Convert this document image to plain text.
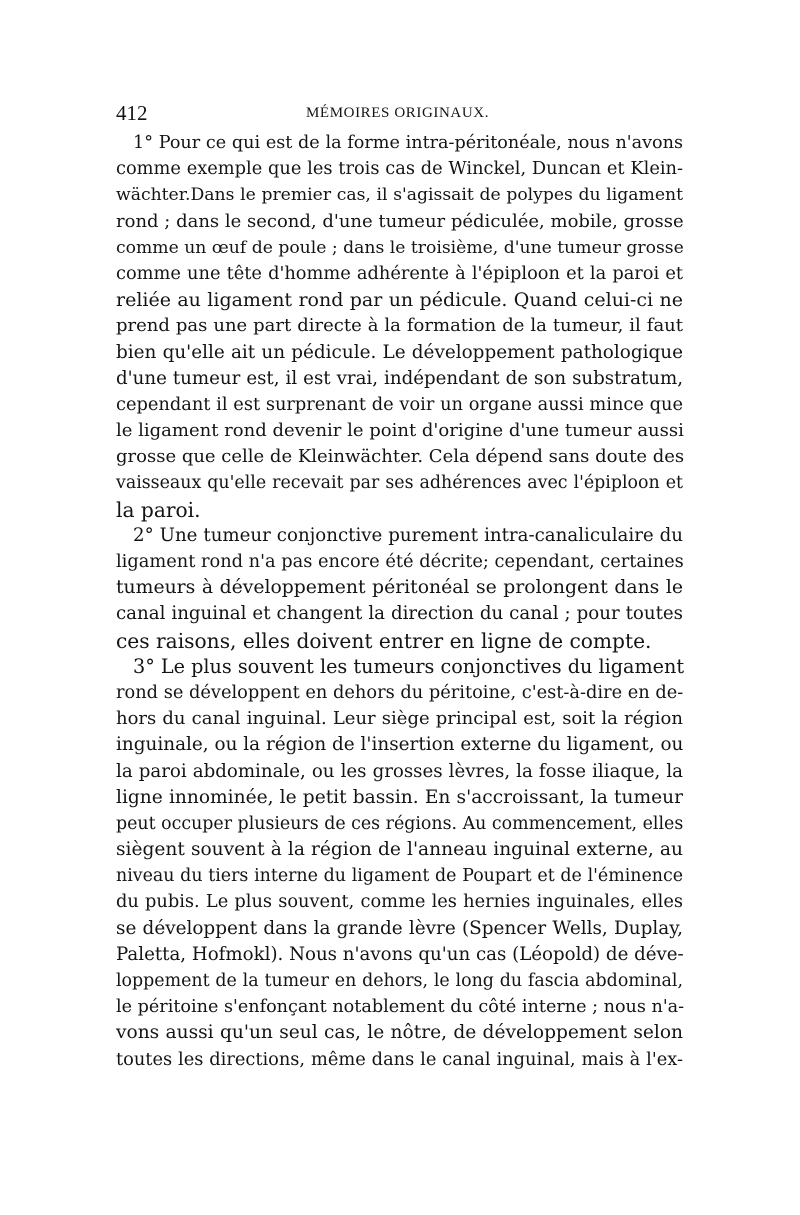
412	MÉMOIRES ORIGINAUX.
1° Pour ce qui est de la forme intra-péritonéale, nous n'avons
comme exemple que les trois cas de Winckel, Duncan et Klein-
wächter.Dans le premier cas, il s'agissait de polypes du ligament
rond ; dans le second, d'une tumeur pédiculée, mobile, grosse
comme un œuf de poule ; dans le troisième, d'une tumeur grosse
comme une tête d'homme adhérente à l'épiploon et la paroi et
reliée au ligament rond par un pédicule. Quand celui-ci ne
prend pas une part directe à la formation de la tumeur, il faut
bien qu'elle ait un pédicule. Le développement pathologique
d'une tumeur est, il est vrai, indépendant de son substratum,
cependant il est surprenant de voir un organe aussi mince que
le ligament rond devenir le point d'origine d'une tumeur aussi
grosse que celle de Kleinwächter. Cela dépend sans doute des
vaisseaux qu'elle recevait par ses adhérences avec l'épiploon et
la paroi.
2° Une tumeur conjonctive purement intra-canaliculaire du
ligament rond n'a pas encore été décrite; cependant, certaines
tumeurs à développement péritonéal se prolongent dans le
canal inguinal et changent la direction du canal ; pour toutes
ces raisons, elles doivent entrer en ligne de compte.
3° Le plus souvent les tumeurs conjonctives du ligament
rond se développent en dehors du péritoine, c'est-à-dire en de-
hors du canal inguinal. Leur siège principal est, soit la région
inguinale, ou la région de l'insertion externe du ligament, ou
la paroi abdominale, ou les grosses lèvres, la fosse iliaque, la
ligne innominée, le petit bassin. En s'accroissant, la tumeur
peut occuper plusieurs de ces régions. Au commencement, elles
siègent souvent à la région de l'anneau inguinal externe, au
niveau du tiers interne du ligament de Poupart et de l'éminence
du pubis. Le plus souvent, comme les hernies inguinales, elles
se développent dans la grande lèvre (Spencer Wells, Duplay,
Paletta, Hofmokl). Nous n'avons qu'un cas (Léopold) de déve-
loppement de la tumeur en dehors, le long du fascia abdominal,
le péritoine s'enfonçant notablement du côté interne ; nous n'a-
vons aussi qu'un seul cas, le nôtre, de développement selon
toutes les directions, même dans le canal inguinal, mais à l'ex-
